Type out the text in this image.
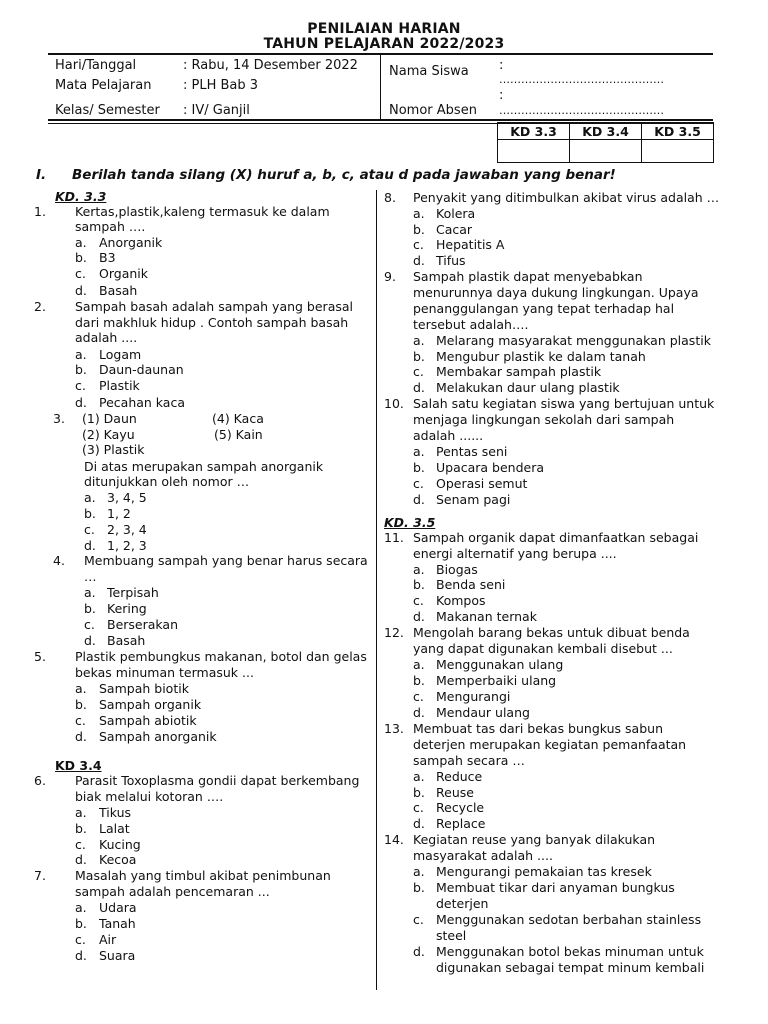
PENILAIAN HARIAN
TAHUN PELAJARAN 2022/2023
Hari/Tanggal	: Rabu, 14 Desember 2022
Mata Pelajaran : PLH Bab 3
Kelas/ Semester : IV/ Ganjil
Nama Siswa :
………………………………………
Nomor Absen
:
………………………………………
KD 3.3	KD 3.4	KD 3.5

I. Berilah tanda silang (X) huruf a, b, c, atau d pada jawaban yang benar!
KD. 3.3
1. Kertas,plastik,kaleng termasuk ke dalam
sampah ….
a. Anorganik
b. B3
c. Organik
d. Basah
2. Sampah basah adalah sampah yang berasal
dari makhluk hidup . Contoh sampah basah
adalah ....
a. Logam
b. Daun-daunan
c. Plastik
d. Pecahan kaca
3. (1) Daun	(4) Kaca
(2) Kayu	(5) Kain
(3) Plastik
Di atas merupakan sampah anorganik
ditunjukkan oleh nomor …
a. 3, 4, 5
b. 1, 2
c. 2, 3, 4
d. 1, 2, 3
4. Membuang sampah yang benar harus secara
…
a. Terpisah
b. Kering
c. Berserakan
d. Basah
5. Plastik pembungkus makanan, botol dan gelas
bekas minuman termasuk ...
a. Sampah biotik
b. Sampah organik
c. Sampah abiotik
d. Sampah anorganik
KD 3.4
6. Parasit Toxoplasma gondii dapat berkembang
biak melalui kotoran ….
a. Tikus
b. Lalat
c. Kucing
d. Kecoa
7. Masalah yang timbul akibat penimbunan
sampah adalah pencemaran ...
a. Udara
b. Tanah
c. Air
d. Suara
8. Penyakit yang ditimbulkan akibat virus adalah …
a. Kolera
b. Cacar
c. Hepatitis A
d. Tifus
9. Sampah plastik dapat menyebabkan
menurunnya daya dukung lingkungan. Upaya
penanggulangan yang tepat terhadap hal
tersebut adalah….
a. Melarang masyarakat menggunakan plastik
b. Mengubur plastik ke dalam tanah
c. Membakar sampah plastik
d. Melakukan daur ulang plastik
10. Salah satu kegiatan siswa yang bertujuan untuk
menjaga lingkungan sekolah dari sampah
adalah ......
a. Pentas seni
b. Upacara bendera
c. Operasi semut
d. Senam pagi
KD. 3.5
11. Sampah organik dapat dimanfaatkan sebagai
energi alternatif yang berupa ....
a. Biogas
b. Benda seni
c. Kompos
d. Makanan ternak
12. Mengolah barang bekas untuk dibuat benda
yang dapat digunakan kembali disebut ...
a. Menggunakan ulang
b. Memperbaiki ulang
c. Mengurangi
d. Mendaur ulang
13. Membuat tas dari bekas bungkus sabun
deterjen merupakan kegiatan pemanfaatan
sampah secara …
a. Reduce
b. Reuse
c. Recycle
d. Replace
14. Kegiatan reuse yang banyak dilakukan
masyarakat adalah ....
a. Mengurangi pemakaian tas kresek
b. Membuat tikar dari anyaman bungkus
deterjen
c. Menggunakan sedotan berbahan stainless
steel
d. Menggunakan botol bekas minuman untuk
digunakan sebagai tempat minum kembali
